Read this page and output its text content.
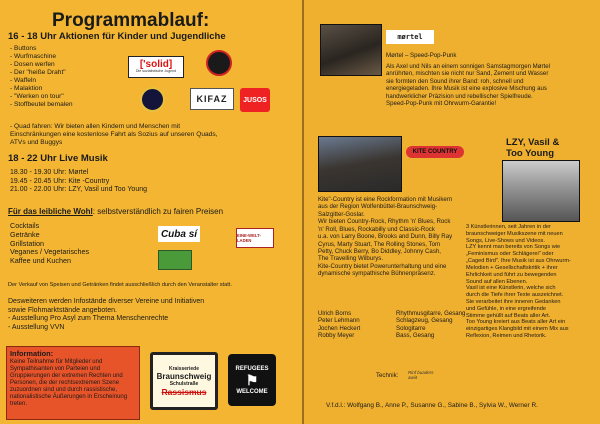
Programmablauf:
16 - 18 Uhr Aktionen für Kinder und Jugendliche
- Buttons
- Wurfmaschine
- Dosen werfen
- Der "heiße Draht"
- Waffeln
- Malaktion
- "Werken on tour"
- Stoffbeutel bemalen
- Quad fahren: Wir bieten allen Kindern und Menschen mit
Einschränkungen eine kostenlose Fahrt als Sozius auf unseren Quads,
ATVs und Buggys
['solid]
Die sozialistische Jugend
KIFAZ	JUSOS
18 - 22 Uhr Live Musik
18.30 - 19.30 Uhr: Mørtel
19.45 - 20.45 Uhr: Kite -Country
21.00 - 22.00 Uhr: LZY, Vasil und Too Young
Für das leibliche Wohl: selbstverständlich zu fairen Preisen
Cocktails
Getränke
Grillstation
Veganes / Vegetarisches
Kaffee und Kuchen
Cuba sí	EINE-WELT-LADEN
Der Verkauf von Speisen und Getränken findet ausschließlich durch den Veranstalter statt.
Desweiteren werden Infostände diverser Vereine und Initiativen
sowie Flohmarktstände angeboten.
- Ausstellung Pro Asyl zum Thema Menschenrechte
- Ausstellung VVN
Information:
Keine Teilnahme für Mitglieder und Sympathisanten von Parteien und Gruppierungen der extremen Rechten und Personen, die der rechtsextremen Szene zuzuordnen sind und durch rassistische, nationalistische Äußerungen in Erscheinung treten.
Kraisseriede
Braunschweig
Schulstraße
Rassismus
REFUGEES
⚑
WELCOME
mørtel
Mørtel – Speed-Pop-Punk
Als Axel und Nils an einem sonnigen Samstagmorgen Mørtel
anrührten, mischten sie nicht nur Sand, Zement und Wasser
sie formten den Sound ihrer Band: roh, schnell und
energiegeladen. Ihre Musik ist eine explosive Mischung aus
handwerklicher Präzision und rebellischer Spielfreude.
Speed-Pop-Punk mit Ohrwurm-Garantie!
KITE COUNTRY
LZY, Vasil &
Too Young
Kite"-Country ist eine Rockformation mit Musikern
aus der Region Wolfenbüttel-Braunschweig-
Salzgitter-Goslar.
Wir bieten Country-Rock, Rhythm 'n' Blues, Rock
'n' Roll, Blues, Rockabilly und Classic-Rock
u.a. von Larry Boone, Brooks and Dunn, Billy Ray
Cyrus, Marty Stuart, The Rolling Stones, Tom
Petty, Chuck Berry, Bo Diddley, Johnny Cash,
The Travelling Wilburys.
Kite-Country bietet Powerunterhaltung und eine
dynamische sympathische Bühnenpräsenz.
Ulrich Borns	Rhythmusgitarre, Gesang
Peter Lehmann	Schlagzeug, Gesang
Jochen Heckert	Sologitarre
Robby Meyer	Bass, Gesang
3 Künstlerinnen, seit Jahren in der
braunschweiger Musikszene mit neuen
Songs, Live-Shows und Videos.
LZY kennt man bereits von Songs wie
„Feminismus oder Schlägerei" oder
„Caged Bird". Ihre Musik ist aus Ohrwurm-
Melodien + Gesellschaftskritik + ihrer
Ehrlichkeit und führt zu bewegenden
Sound auf allen Ebenen.
Vasil ist eine Künstlerin, welche sich
durch die Tiefe ihrer Texte auszeichnet.
Sie verarbeitet ihre inneren Gedanken
und Gefühle, in eine ergreifende
Stimme gehüllt auf Beats aller Art.
Too Young kreiert aus Beats aller Art ein
einzigartiges Klangbild mit einem Mix aus
Reflexion, Reimen und Rhetorik.
Technik: Rinf buaders awiit
V.f.d.l.: Wolfgang B., Anne P., Susanne G., Sabine B., Sylvia W., Werner R.
